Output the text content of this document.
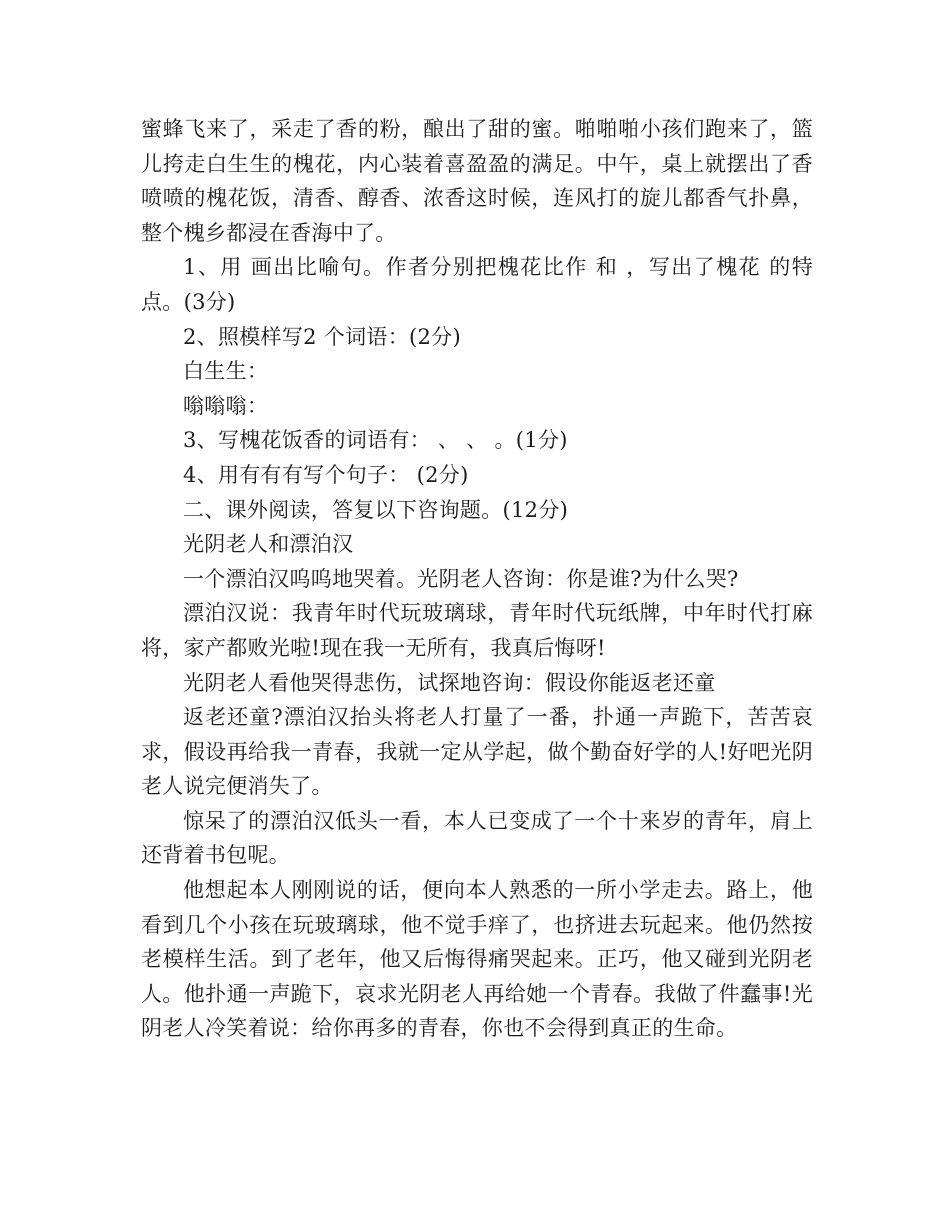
蜜蜂飞来了，采走了香的粉，酿出了甜的蜜。啪啪啪小孩们跑来了，篮儿挎走白生生的槐花，内心装着喜盈盈的满足。中午，桌上就摆出了香喷喷的槐花饭，清香、醇香、浓香这时候，连风打的旋儿都香气扑鼻，整个槐乡都浸在香海中了。

1、用 画出比喻句。作者分别把槐花比作 和 ，写出了槐花 的特点。(3分)

2、照模样写2 个词语：(2分)

白生生：

嗡嗡嗡：

3、写槐花饭香的词语有： 、 、 。(1分)

4、用有有有写个句子： (2分)

二、课外阅读，答复以下咨询题。(12分)

光阴老人和漂泊汉

一个漂泊汉呜呜地哭着。光阴老人咨询：你是谁?为什么哭?

漂泊汉说：我青年时代玩玻璃球，青年时代玩纸牌，中年时代打麻将，家产都败光啦!现在我一无所有，我真后悔呀!

光阴老人看他哭得悲伤，试探地咨询：假设你能返老还童

返老还童?漂泊汉抬头将老人打量了一番，扑通一声跪下，苦苦哀求，假设再给我一青春，我就一定从学起，做个勤奋好学的人!好吧光阴老人说完便消失了。

惊呆了的漂泊汉低头一看，本人已变成了一个十来岁的青年，肩上还背着书包呢。

他想起本人刚刚说的话，便向本人熟悉的一所小学走去。路上，他看到几个小孩在玩玻璃球，他不觉手痒了，也挤进去玩起来。他仍然按老模样生活。到了老年，他又后悔得痛哭起来。正巧，他又碰到光阴老人。他扑通一声跪下，哀求光阴老人再给她一个青春。我做了件蠢事!光阴老人冷笑着说：给你再多的青春，你也不会得到真正的生命。
